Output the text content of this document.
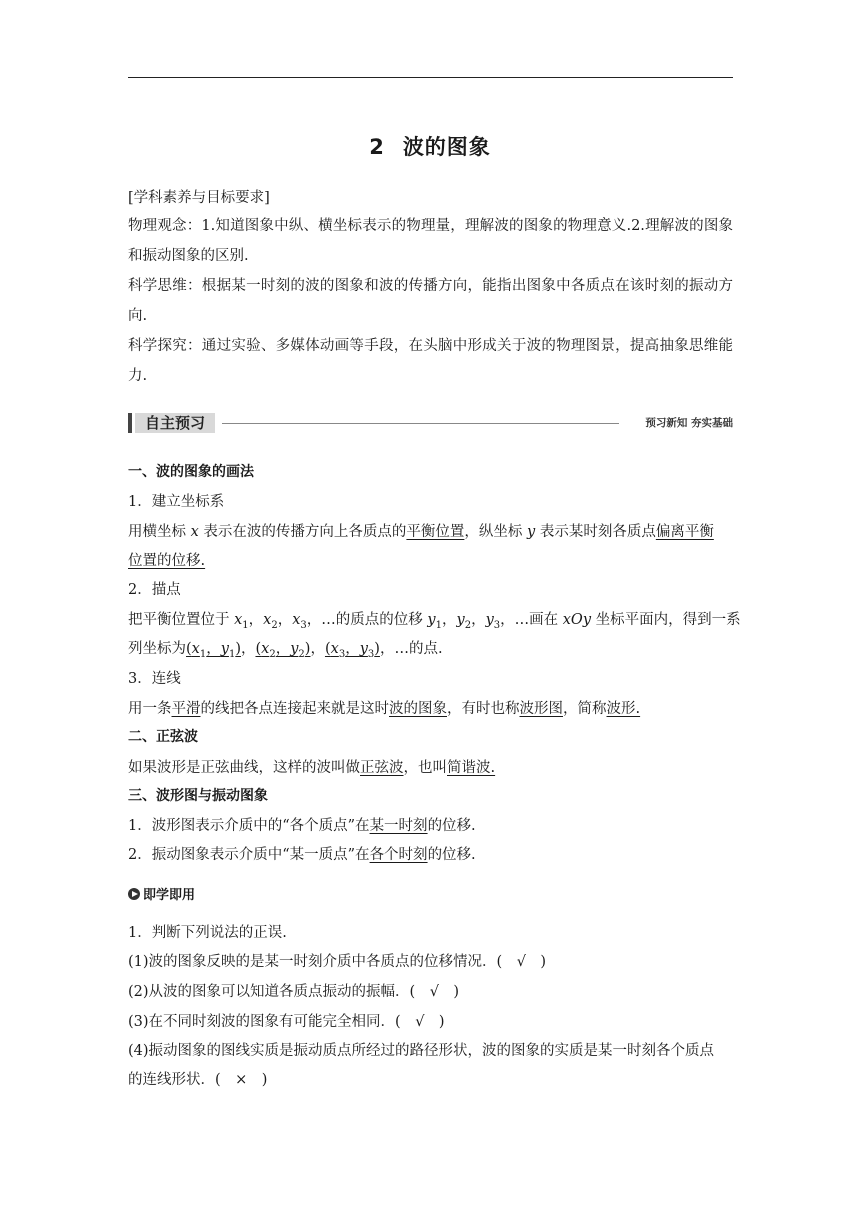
2 波的图象
[学科素养与目标要求]
物理观念：1.知道图象中纵、横坐标表示的物理量，理解波的图象的物理意义.2.理解波的图象和振动图象的区别.
科学思维：根据某一时刻的波的图象和波的传播方向，能指出图象中各质点在该时刻的振动方向.
科学探究：通过实验、多媒体动画等手段，在头脑中形成关于波的物理图景，提高抽象思维能力.
一、波的图象的画法
1．建立坐标系
用横坐标 x 表示在波的传播方向上各质点的平衡位置，纵坐标 y 表示某时刻各质点偏离平衡
位置的位移.
2．描点
把平衡位置位于 $x_1$，$x_2$，$x_3$，…的质点的位移 $y_1$，$y_2$，$y_3$，…画在 xOy 坐标平面内，得到一系
列坐标为($x_1$，$y_1$)，($x_2$，$y_2$)，($x_3$，$y_3$)，…的点.
3．连线
用一条平滑的线把各点连接起来就是这时波的图象，有时也称波形图，简称波形.
二、正弦波
如果波形是正弦曲线，这样的波叫做正弦波，也叫简谐波.
三、波形图与振动图象
1．波形图表示介质中的“各个质点”在某一时刻的位移.
2．振动图象表示介质中“某一质点”在各个时刻的位移.
即学即用
1．判断下列说法的正误.
(1)波的图象反映的是某一时刻介质中各质点的位移情况．(　√　)
(2)从波的图象可以知道各质点振动的振幅．(　√　)
(3)在不同时刻波的图象有可能完全相同．(　√　)
(4)振动图象的图线实质是振动质点所经过的路径形状，波的图象的实质是某一时刻各个质点
的连线形状．(　×　)
自主预习	预习新知 夯实基础
